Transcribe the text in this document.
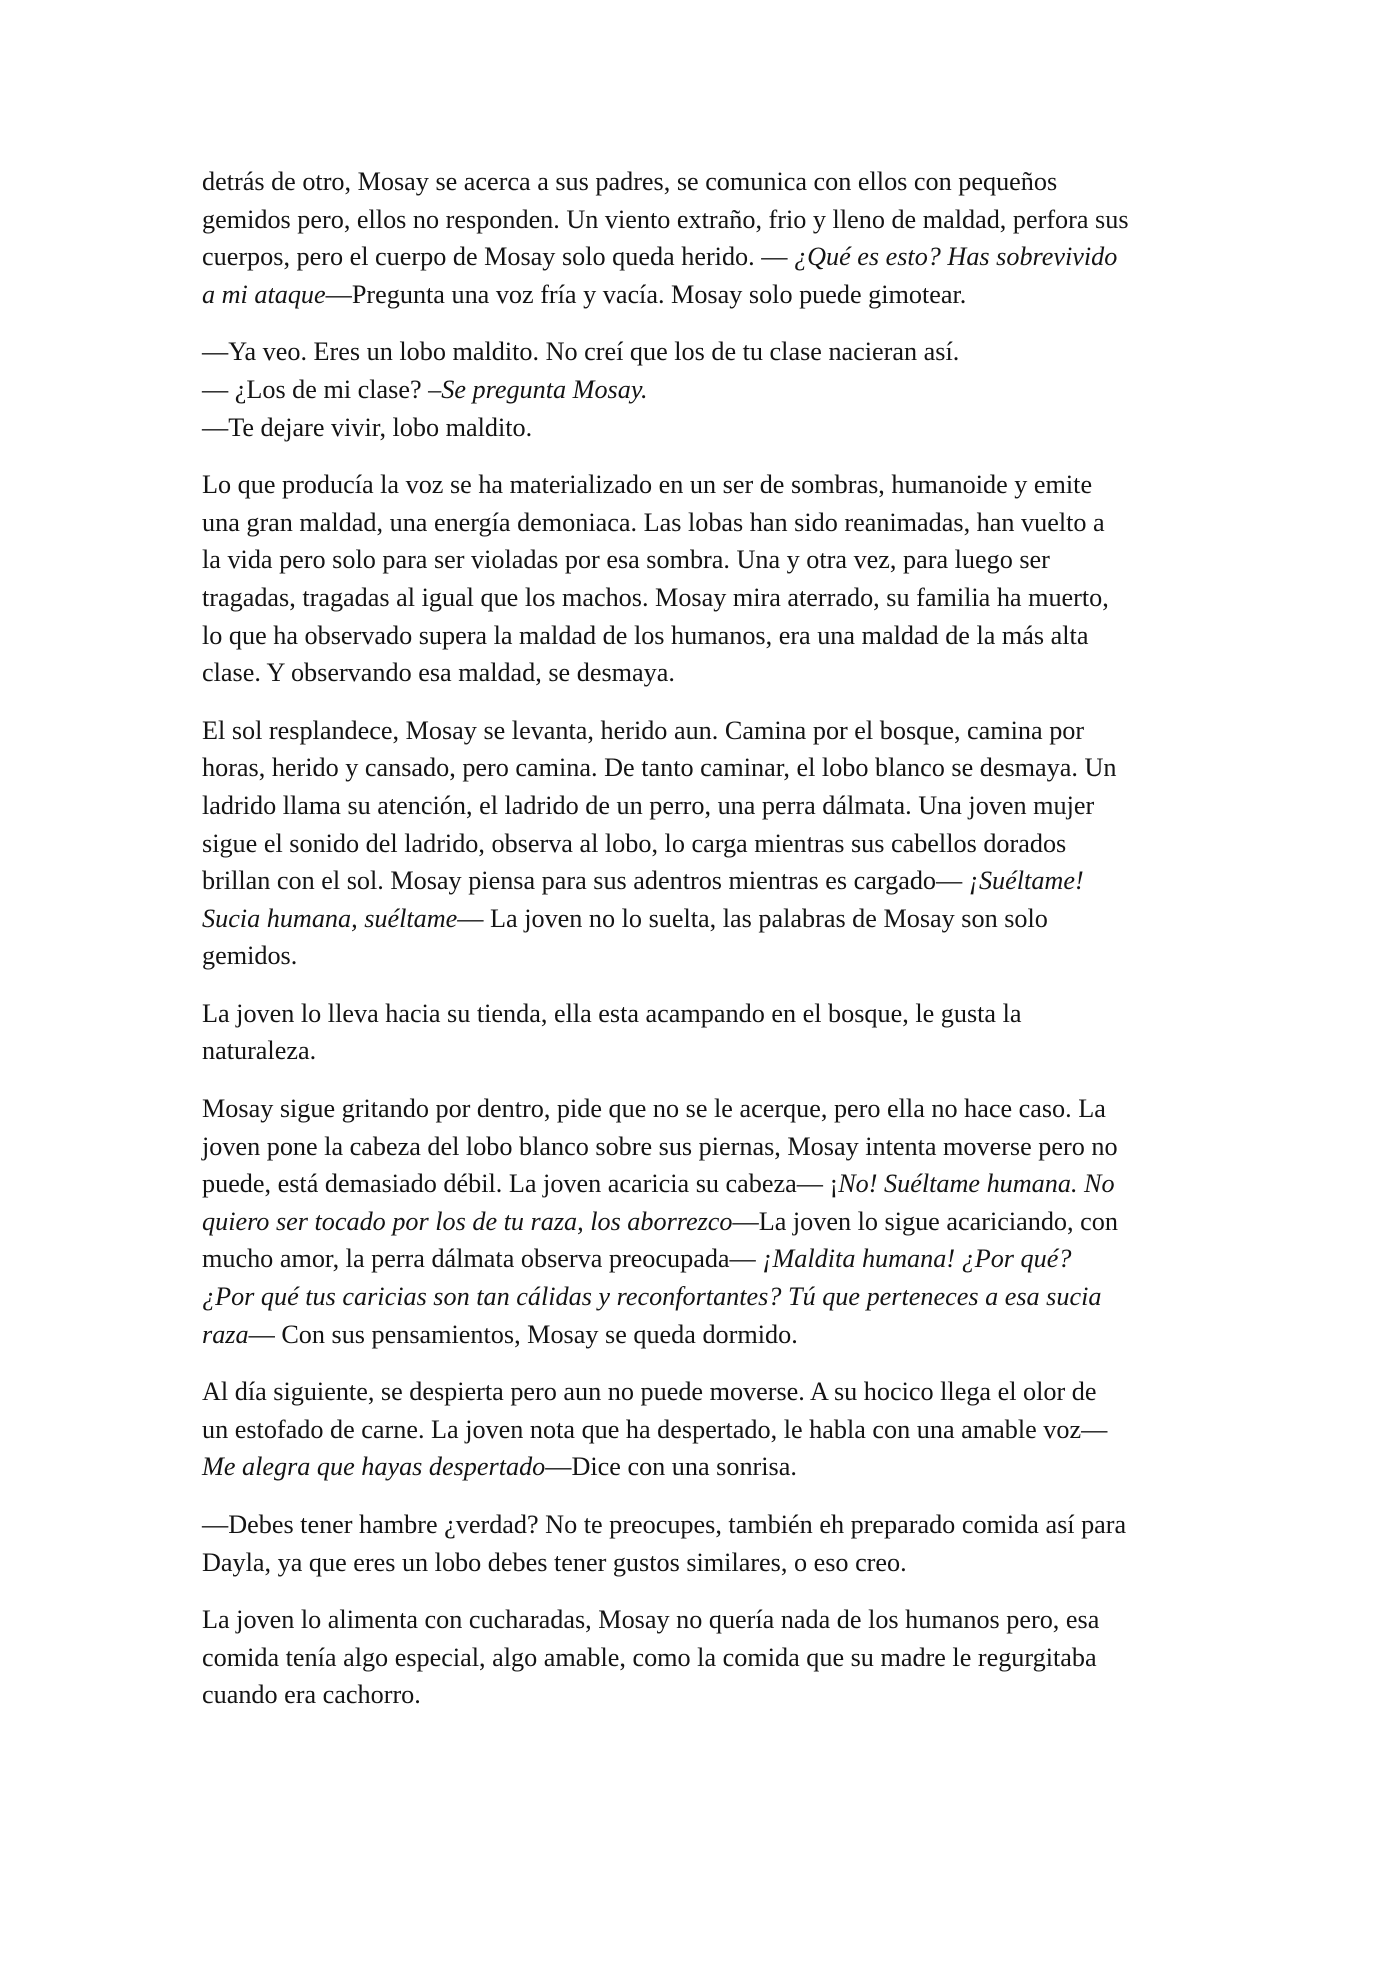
detrás de otro, Mosay se acerca a sus padres, se comunica con ellos con pequeños
gemidos pero, ellos no responden. Un viento extraño, frio y lleno de maldad, perfora sus
cuerpos, pero el cuerpo de Mosay solo queda herido. — ¿Qué es esto? Has sobrevivido
a mi ataque—Pregunta una voz fría y vacía. Mosay solo puede gimotear.

—Ya veo. Eres un lobo maldito. No creí que los de tu clase nacieran así.
— ¿Los de mi clase? –Se pregunta Mosay.
—Te dejare vivir, lobo maldito.

Lo que producía la voz se ha materializado en un ser de sombras, humanoide y emite
una gran maldad, una energía demoniaca. Las lobas han sido reanimadas, han vuelto a
la vida pero solo para ser violadas por esa sombra. Una y otra vez, para luego ser
tragadas, tragadas al igual que los machos. Mosay mira aterrado, su familia ha muerto,
lo que ha observado supera la maldad de los humanos, era una maldad de la más alta
clase. Y observando esa maldad, se desmaya.

El sol resplandece, Mosay se levanta, herido aun. Camina por el bosque, camina por
horas, herido y cansado, pero camina. De tanto caminar, el lobo blanco se desmaya. Un
ladrido llama su atención, el ladrido de un perro, una perra dálmata. Una joven mujer
sigue el sonido del ladrido, observa al lobo, lo carga mientras sus cabellos dorados
brillan con el sol. Mosay piensa para sus adentros mientras es cargado— ¡Suéltame!
Sucia humana, suéltame— La joven no lo suelta, las palabras de Mosay son solo
gemidos.

La joven lo lleva hacia su tienda, ella esta acampando en el bosque, le gusta la
naturaleza.

Mosay sigue gritando por dentro, pide que no se le acerque, pero ella no hace caso. La
joven pone la cabeza del lobo blanco sobre sus piernas, Mosay intenta moverse pero no
puede, está demasiado débil. La joven acaricia su cabeza— ¡No! Suéltame humana. No
quiero ser tocado por los de tu raza, los aborrezco—La joven lo sigue acariciando, con
mucho amor, la perra dálmata observa preocupada— ¡Maldita humana! ¿Por qué?
¿Por qué tus caricias son tan cálidas y reconfortantes? Tú que perteneces a esa sucia
raza— Con sus pensamientos, Mosay se queda dormido.

Al día siguiente, se despierta pero aun no puede moverse. A su hocico llega el olor de
un estofado de carne. La joven nota que ha despertado, le habla con una amable voz—
Me alegra que hayas despertado—Dice con una sonrisa.

—Debes tener hambre ¿verdad? No te preocupes, también eh preparado comida así para
Dayla, ya que eres un lobo debes tener gustos similares, o eso creo.

La joven lo alimenta con cucharadas, Mosay no quería nada de los humanos pero, esa
comida tenía algo especial, algo amable, como la comida que su madre le regurgitaba
cuando era cachorro.
